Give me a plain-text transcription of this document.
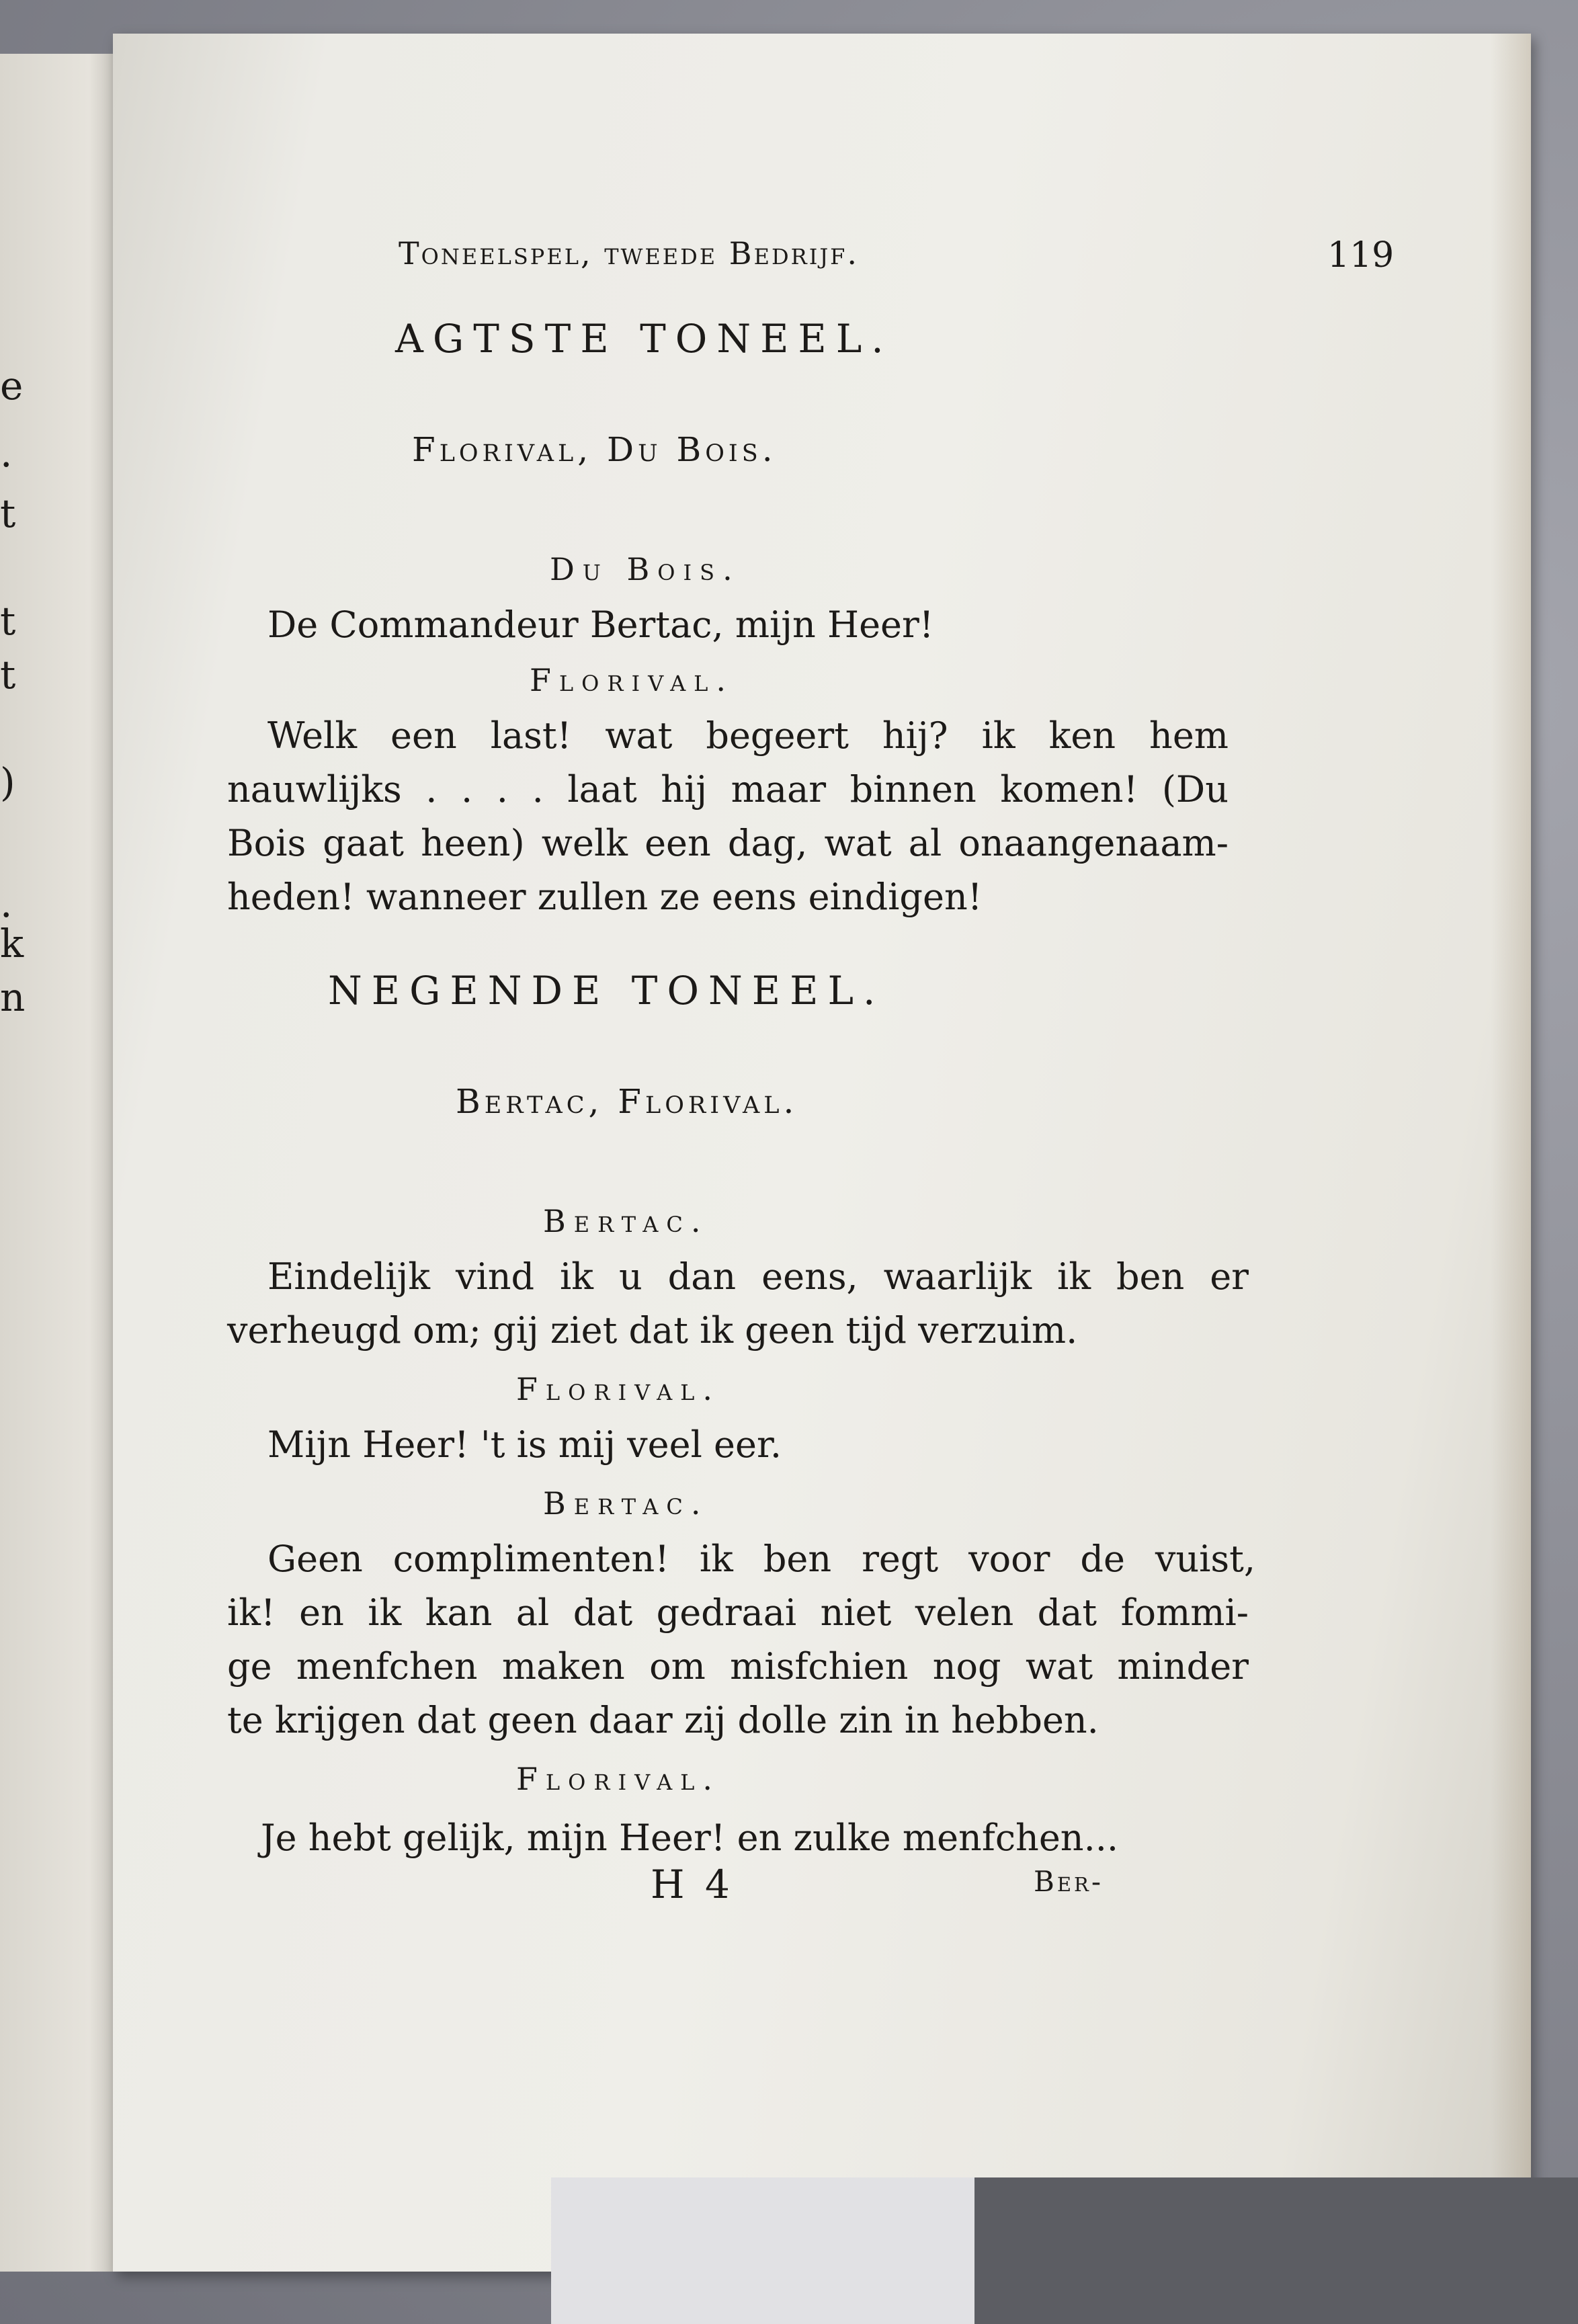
e
.
t
t
t
)
.
k
n
Toneelspel, tweede Bedrijf.	119
AGTSTE TONEEL.
Florival, Du Bois.
Du Bois.
De Commandeur Bertac, mijn Heer!
Florival.
Welk een last! wat begeert hij? ik ken hem
nauwlijks . . . . laat hij maar binnen komen! (Du
Bois gaat heen) welk een dag, wat al onaangenaam-
heden! wanneer zullen ze eens eindigen!
NEGENDE TONEEL.
Bertac, Florival.
Bertac.
Eindelijk vind ik u dan eens, waarlijk ik ben er
verheugd om; gij ziet dat ik geen tijd verzuim.
Florival.
Mijn Heer! 't is mij veel eer.
Bertac.
Geen complimenten! ik ben regt voor de vuist,
ik! en ik kan al dat gedraai niet velen dat fommi-
ge menfchen maken om misfchien nog wat minder
te krijgen dat geen daar zij dolle zin in hebben.
Florival.
Je hebt gelijk, mijn Heer! en zulke menfchen...
H 4	Ber-
